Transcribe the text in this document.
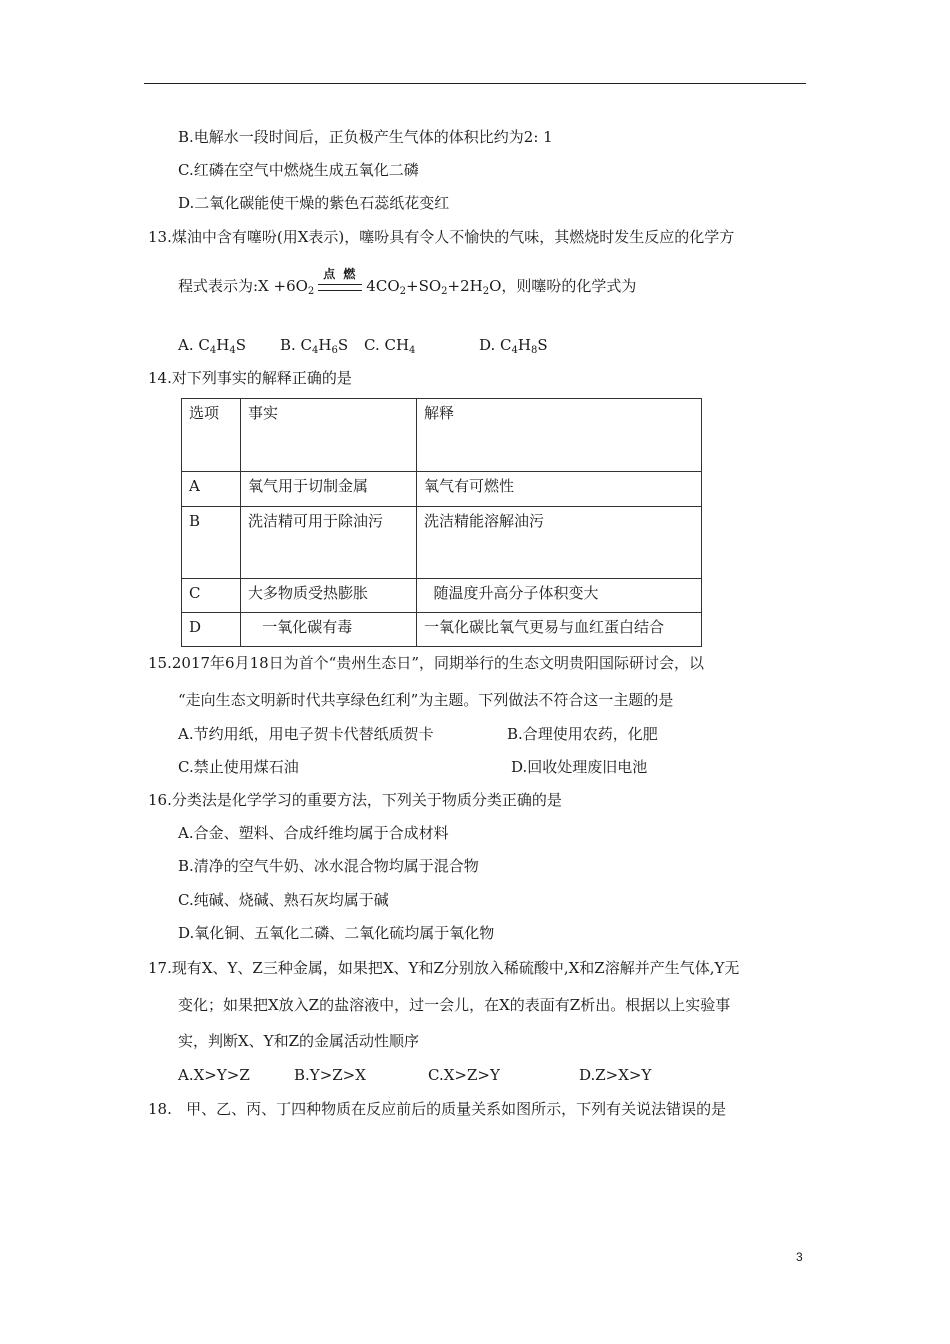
B.电解水一段时间后，正负极产生气体的体积比约为2: 1
C.红磷在空气中燃烧生成五氧化二磷
D.二氧化碳能使干燥的紫色石蕊纸花变红
13.煤油中含有噻吩(用X表示)，噻吩具有令人不愉快的气味，其燃烧时发生反应的化学方
程式表示为:X $+6O_2$
点 燃
$4CO_2+SO_2+2H_2O$，则噻吩的化学式为
A. $C_4H_4S$ B. $C_4H_6S$ C. $CH_4$	D. $C_4H_8S$
14.对下列事实的解释正确的是
选项	事实	解释
A	氧气用于切制金属	氧气有可燃性
B	洗洁精可用于除油污	洗洁精能溶解油污
C	大多物质受热膨胀	随温度升高分子体积变大
D	一氧化碳有毒	一氧化碳比氧气更易与血红蛋白结合
15.2017年6月18日为首个“贵州生态日”，同期举行的生态文明贵阳国际研讨会，以
“走向生态文明新时代共享绿色红利”为主题。下列做法不符合这一主题的是
A.节约用纸，用电子贺卡代替纸质贺卡	B.合理使用农药，化肥
C.禁止使用煤石油	D.回收处理废旧电池
16.分类法是化学学习的重要方法，下列关于物质分类正确的是
A.合金、塑料、合成纤维均属于合成材料
B.清净的空气牛奶、冰水混合物均属于混合物
C.纯碱、烧碱、熟石灰均属于碱
D.氧化铜、五氧化二磷、二氧化硫均属于氧化物
17.现有X、Y、Z三种金属，如果把X、Y和Z分别放入稀硫酸中,X和Z溶解并产生气体,Y无
变化；如果把X放入Z的盐溶液中，过一会儿，在X的表面有Z析出。根据以上实验事
实，判断X、Y和Z的金属活动性顺序
A.X>Y>Z	B.Y>Z>X	C.X>Z>Y	D.Z>X>Y
18.   甲、乙、丙、丁四种物质在反应前后的质量关系如图所示，下列有关说法错误的是
3
